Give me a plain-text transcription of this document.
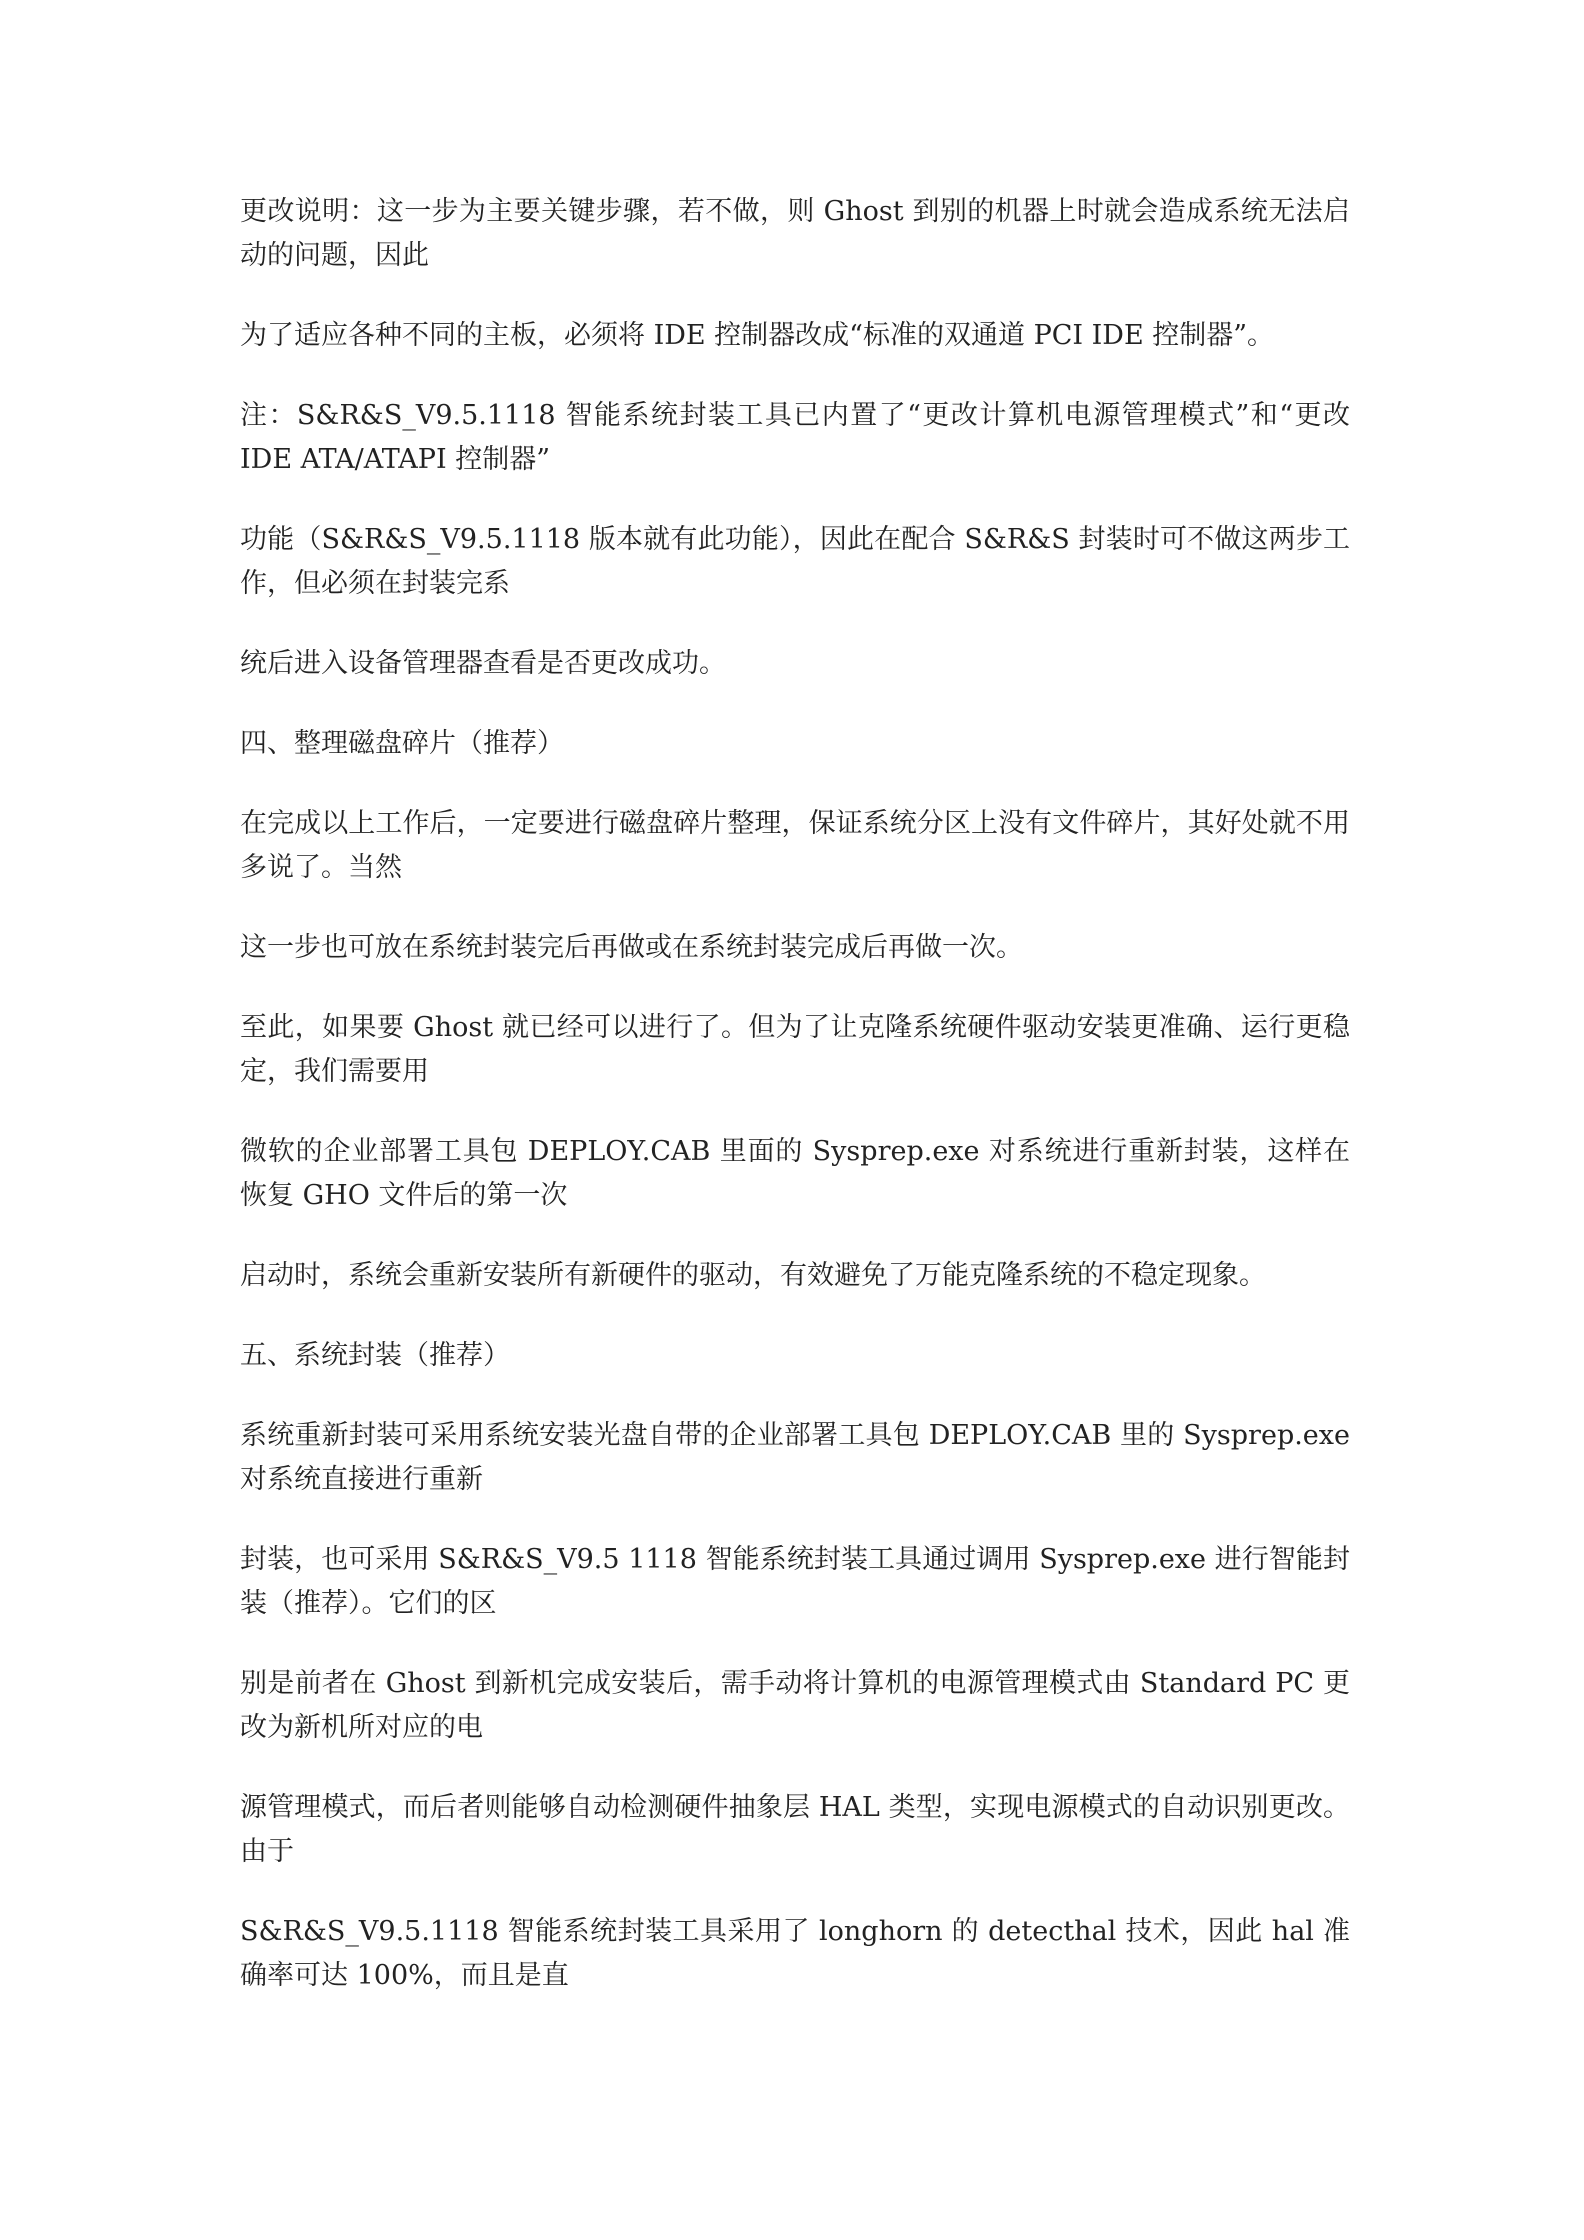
更改说明：这一步为主要关键步骤，若不做，则 Ghost 到别的机器上时就会造成系统无法启动的问题，因此

为了适应各种不同的主板，必须将 IDE 控制器改成“标准的双通道 PCI IDE 控制器”。

注：S&R&S_V9.5.1118 智能系统封装工具已内置了“更改计算机电源管理模式”和“更改 IDE ATA/ATAPI 控制器”

功能（S&R&S_V9.5.1118 版本就有此功能），因此在配合 S&R&S 封装时可不做这两步工作，但必须在封装完系

统后进入设备管理器查看是否更改成功。

四、整理磁盘碎片（推荐）

在完成以上工作后，一定要进行磁盘碎片整理，保证系统分区上没有文件碎片，其好处就不用多说了。当然

这一步也可放在系统封装完后再做或在系统封装完成后再做一次。

至此，如果要 Ghost 就已经可以进行了。但为了让克隆系统硬件驱动安装更准确、运行更稳定，我们需要用

微软的企业部署工具包 DEPLOY.CAB 里面的 Sysprep.exe 对系统进行重新封装，这样在恢复 GHO 文件后的第一次

启动时，系统会重新安装所有新硬件的驱动，有效避免了万能克隆系统的不稳定现象。

五、系统封装（推荐）

系统重新封装可采用系统安装光盘自带的企业部署工具包 DEPLOY.CAB 里的 Sysprep.exe 对系统直接进行重新

封装，也可采用 S&R&S_V9.5 1118 智能系统封装工具通过调用 Sysprep.exe 进行智能封装（推荐）。它们的区

别是前者在 Ghost 到新机完成安装后，需手动将计算机的电源管理模式由 Standard PC 更改为新机所对应的电

源管理模式，而后者则能够自动检测硬件抽象层 HAL 类型，实现电源模式的自动识别更改。由于

S&R&S_V9.5.1118 智能系统封装工具采用了 longhorn 的 detecthal 技术，因此 hal 准确率可达 100%，而且是直
